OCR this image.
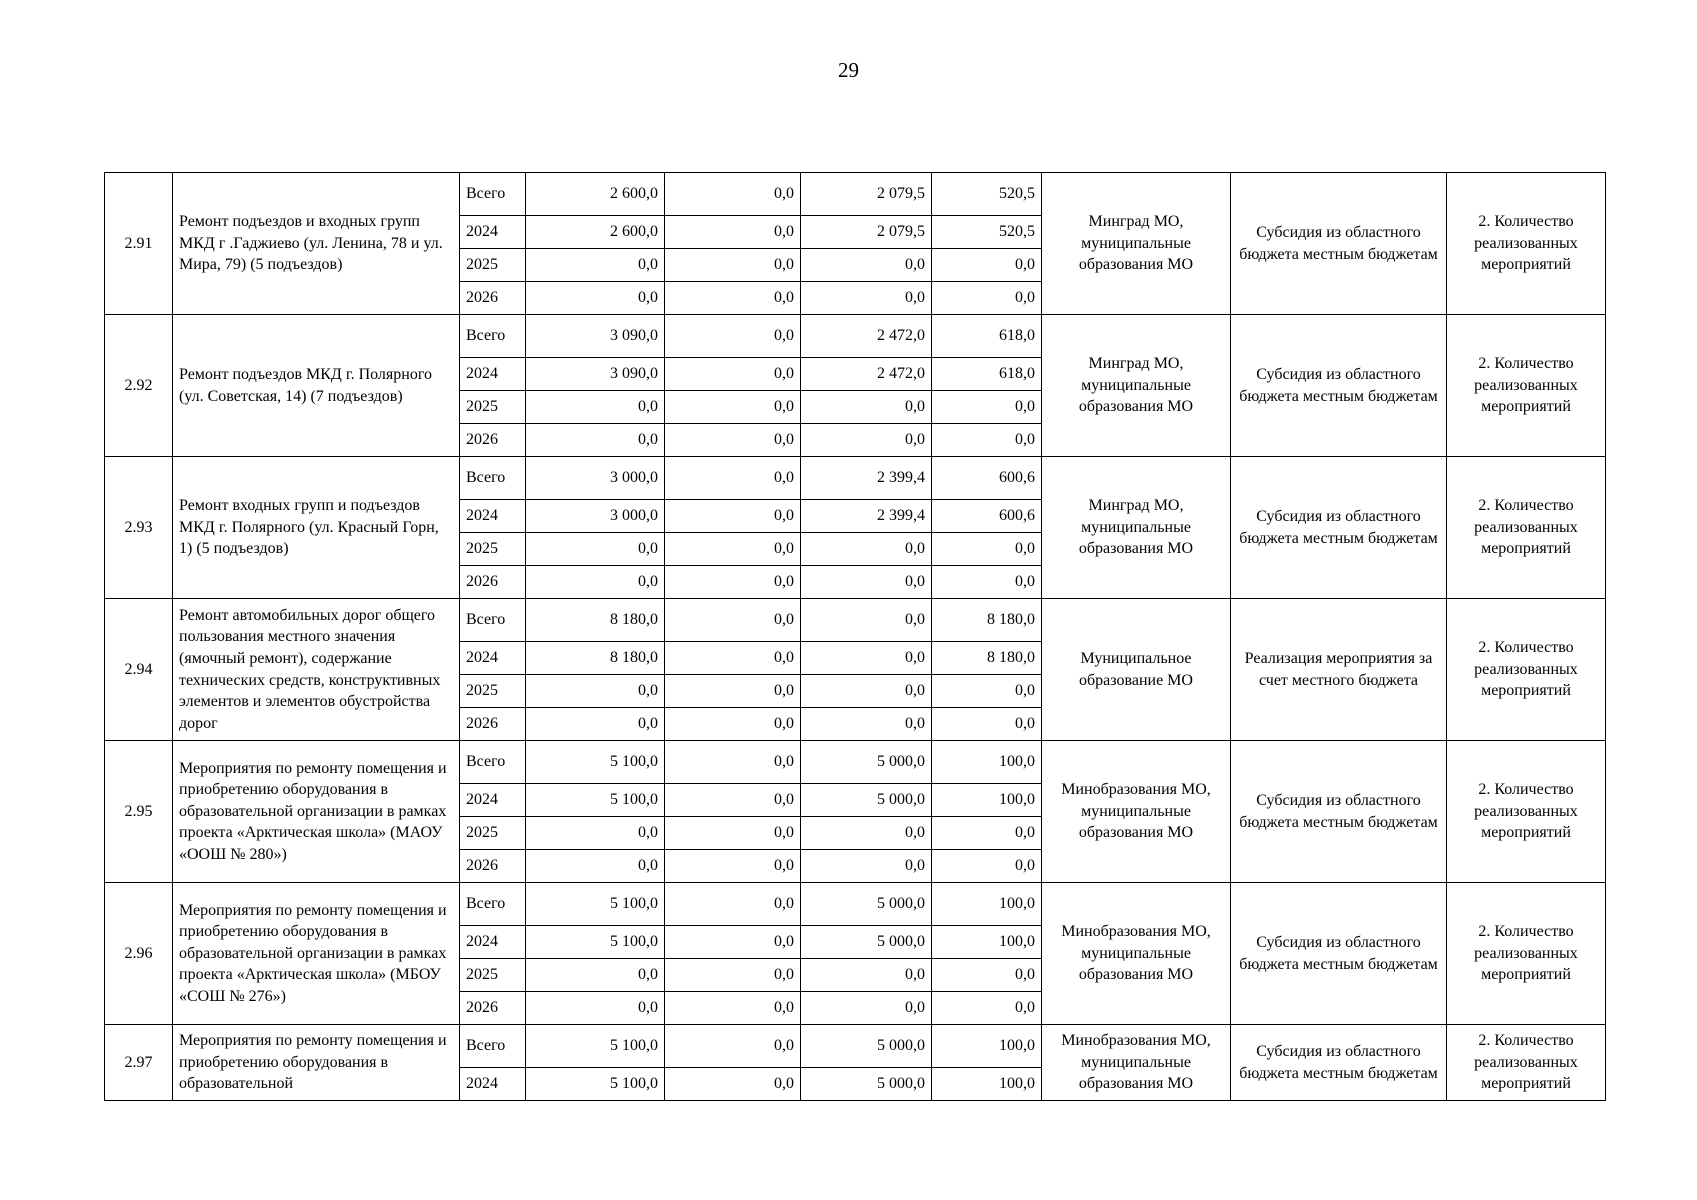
29
2.91	Ремонт подъездов и входных групп МКД г .Гаджиево (ул. Ленина, 78 и ул. Мира, 79) (5 подъездов)	Всего	2 600,0	0,0	2 079,5	520,5	Минград МО, муниципальные образования МО	Субсидия из областного бюджета местным бюджетам	2. Количество реализованных мероприятий
		2024	2 600,0	0,0	2 079,5	520,5			
		2025	0,0	0,0	0,0	0,0			
		2026	0,0	0,0	0,0	0,0			
2.92	Ремонт подъездов МКД г. Полярного (ул. Советская, 14) (7 подъездов)	Всего	3 090,0	0,0	2 472,0	618,0	Минград МО, муниципальные образования МО	Субсидия из областного бюджета местным бюджетам	2. Количество реализованных мероприятий
		2024	3 090,0	0,0	2 472,0	618,0			
		2025	0,0	0,0	0,0	0,0			
		2026	0,0	0,0	0,0	0,0			
2.93	Ремонт входных групп и подъездов МКД г. Полярного (ул. Красный Горн, 1) (5 подъездов)	Всего	3 000,0	0,0	2 399,4	600,6	Минград МО, муниципальные образования МО	Субсидия из областного бюджета местным бюджетам	2. Количество реализованных мероприятий
		2024	3 000,0	0,0	2 399,4	600,6			
		2025	0,0	0,0	0,0	0,0			
		2026	0,0	0,0	0,0	0,0			
2.94	Ремонт автомобильных дорог общего пользования местного значения (ямочный ремонт), содержание технических средств, конструктивных элементов и элементов обустройства дорог	Всего	8 180,0	0,0	0,0	8 180,0	Муниципальное образование МО	Реализация мероприятия за счет местного бюджета	2. Количество реализованных мероприятий
		2024	8 180,0	0,0	0,0	8 180,0			
		2025	0,0	0,0	0,0	0,0			
		2026	0,0	0,0	0,0	0,0			
2.95	Мероприятия по ремонту помещения и приобретению оборудования в образовательной организации в рамках проекта «Арктическая школа» (МАОУ «ООШ № 280»)	Всего	5 100,0	0,0	5 000,0	100,0	Минобразования МО, муниципальные образования МО	Субсидия из областного бюджета местным бюджетам	2. Количество реализованных мероприятий
		2024	5 100,0	0,0	5 000,0	100,0			
		2025	0,0	0,0	0,0	0,0			
		2026	0,0	0,0	0,0	0,0			
2.96	Мероприятия по ремонту помещения и приобретению оборудования в образовательной организации в рамках проекта «Арктическая школа» (МБОУ «СОШ № 276»)	Всего	5 100,0	0,0	5 000,0	100,0	Минобразования МО, муниципальные образования МО	Субсидия из областного бюджета местным бюджетам	2. Количество реализованных мероприятий
		2024	5 100,0	0,0	5 000,0	100,0			
		2025	0,0	0,0	0,0	0,0			
		2026	0,0	0,0	0,0	0,0			
2.97	Мероприятия по ремонту помещения и приобретению оборудования в образовательной	Всего	5 100,0	0,0	5 000,0	100,0	Минобразования МО, муниципальные образования МО	Субсидия из областного бюджета местным бюджетам	2. Количество реализованных мероприятий
		2024	5 100,0	0,0	5 000,0	100,0			
